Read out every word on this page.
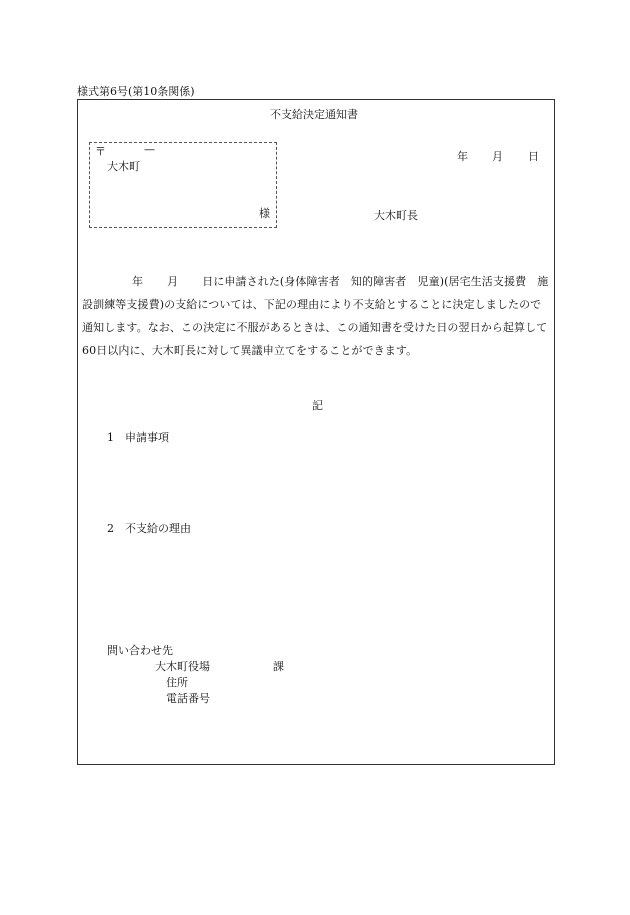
様式第6号(第10条関係)
不支給決定通知書
〒	—
大木町
様
年 月 日
大木町長
年 月 日に申請された(身体障害者　知的障害者　児童)(居宅生活支援費　施設訓練等支援費)の支給については、下記の理由により不支給とすることに決定しましたので通知します。なお、この決定に不服があるときは、この通知書を受けた日の翌日から起算して60日以内に、大木町長に対して異議申立てをすることができます。
記
1 申請事項
2 不支給の理由
問い合わせ先
大木町役場	課
住所
電話番号
